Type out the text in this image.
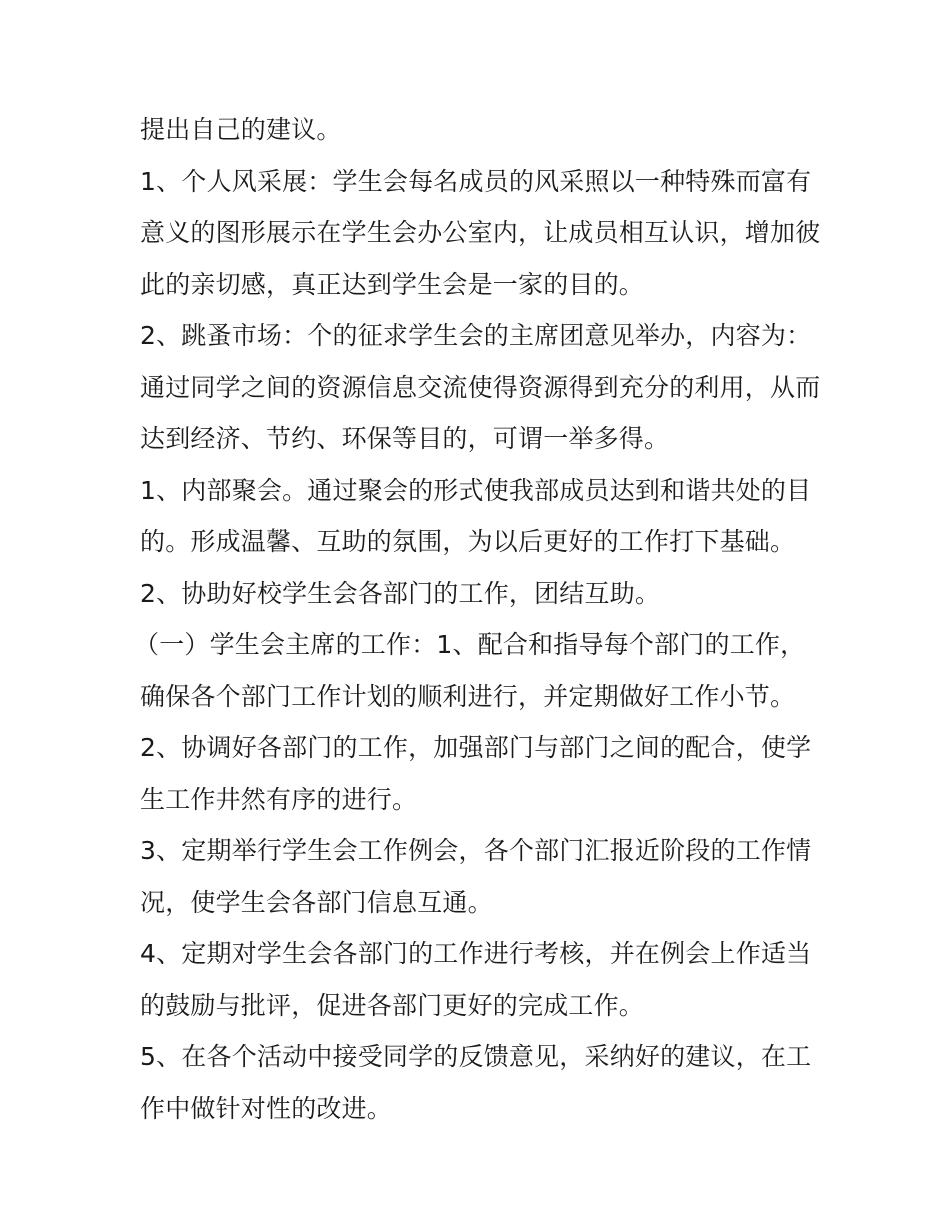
提出自己的建议。
1、个人风采展：学生会每名成员的风采照以一种特殊而富有
意义的图形展示在学生会办公室内，让成员相互认识，增加彼
此的亲切感，真正达到学生会是一家的目的。
2、跳蚤市场：个的征求学生会的主席团意见举办，内容为：
通过同学之间的资源信息交流使得资源得到充分的利用，从而
达到经济、节约、环保等目的，可谓一举多得。
1、内部聚会。通过聚会的形式使我部成员达到和谐共处的目
的。形成温馨、互助的氛围，为以后更好的工作打下基础。
2、协助好校学生会各部门的工作，团结互助。
（一）学生会主席的工作：1、配合和指导每个部门的工作，
确保各个部门工作计划的顺利进行，并定期做好工作小节。
2、协调好各部门的工作，加强部门与部门之间的配合，使学
生工作井然有序的进行。
3、定期举行学生会工作例会，各个部门汇报近阶段的工作情
况，使学生会各部门信息互通。
4、定期对学生会各部门的工作进行考核，并在例会上作适当
的鼓励与批评，促进各部门更好的完成工作。
5、在各个活动中接受同学的反馈意见，采纳好的建议，在工
作中做针对性的改进。
